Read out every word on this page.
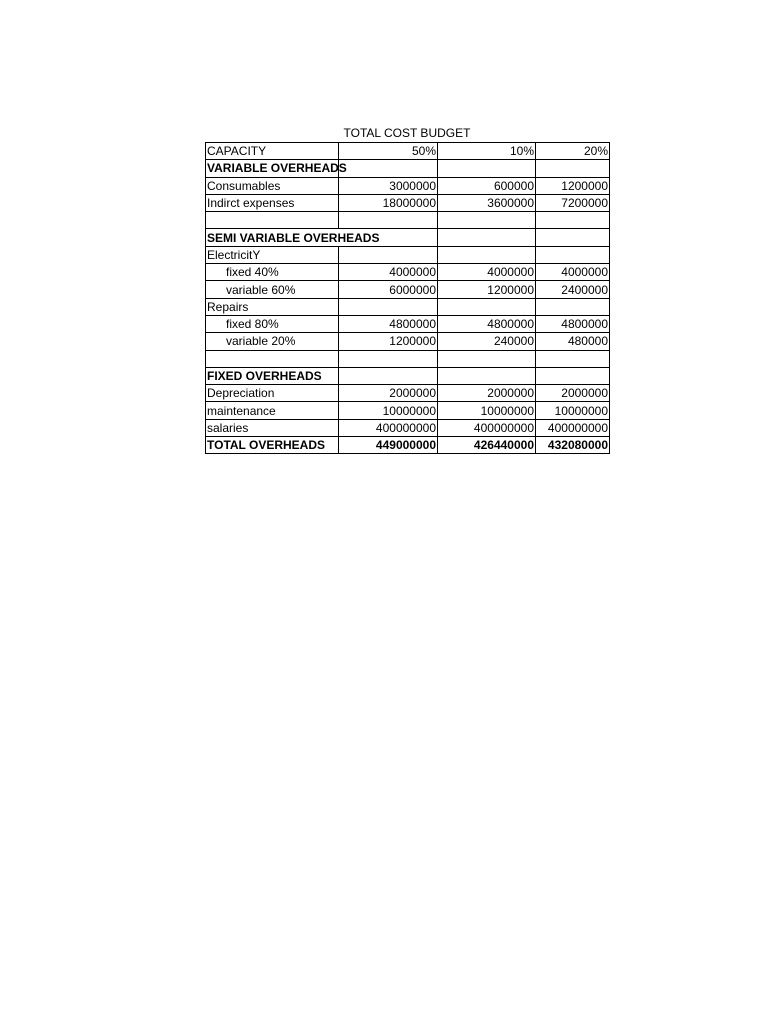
TOTAL COST BUDGET
CAPACITY	50%	10%	20%
VARIABLE OVERHEADS			
Consumables	3000000	600000	1200000
Indirct expenses	18000000	3600000	7200000

SEMI VARIABLE OVERHEADS			
ElectricitY			
fixed 40%	4000000	4000000	4000000
variable 60%	6000000	1200000	2400000
Repairs			
fixed 80%	4800000	4800000	4800000
variable 20%	1200000	240000	480000

FIXED OVERHEADS			
Depreciation	2000000	2000000	2000000
maintenance	10000000	10000000	10000000
salaries	400000000	400000000	400000000
TOTAL OVERHEADS	449000000	426440000	432080000
